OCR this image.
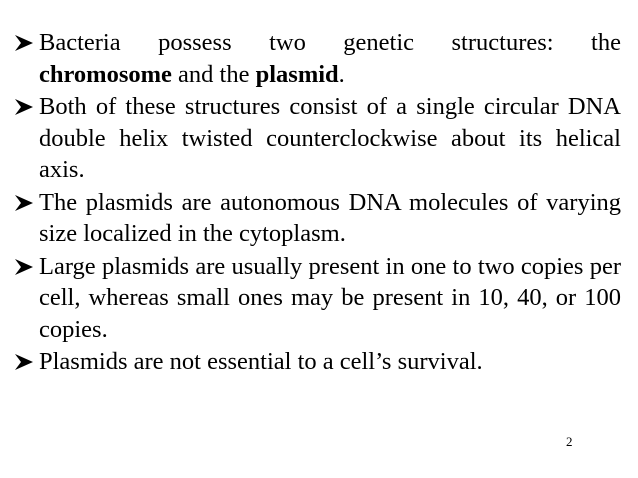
Bacteria possess two genetic structures: the
chromosome and the plasmid.
Both of these structures consist of a single circular DNA double helix twisted counterclockwise about its helical axis.
The plasmids are autonomous DNA molecules of varying size localized in the cytoplasm.
Large plasmids are usually present in one to two copies per cell, whereas small ones may be present in 10, 40, or 100 copies.
Plasmids are not essential to a cell’s survival.
2
